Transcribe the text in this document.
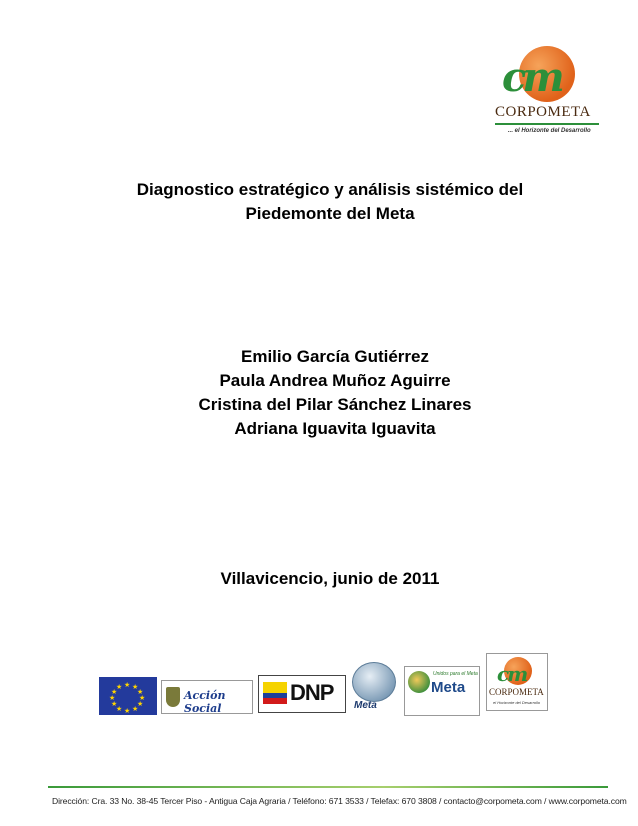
cm
CORPOMETA
... el Horizonte del Desarrollo
Diagnostico estratégico y análisis sistémico del
Piedemonte del Meta
Emilio García Gutiérrez
Paula Andrea Muñoz Aguirre
Cristina del Pilar Sánchez Linares
Adriana Iguavita Iguavita
Villavicencio, junio de 2011
★ ★
★
★
★
★
★
★
★
★
★
★
Acción Social
DNP
Meta
Unidos para el Meta
Meta
cm
CORPOMETA
el Horizonte del Desarrollo
Dirección: Cra. 33 No. 38-45 Tercer Piso - Antigua Caja Agraria / Teléfono: 671 3533 / Telefax: 670 3808 / contacto@corpometa.com / www.corpometa.com
